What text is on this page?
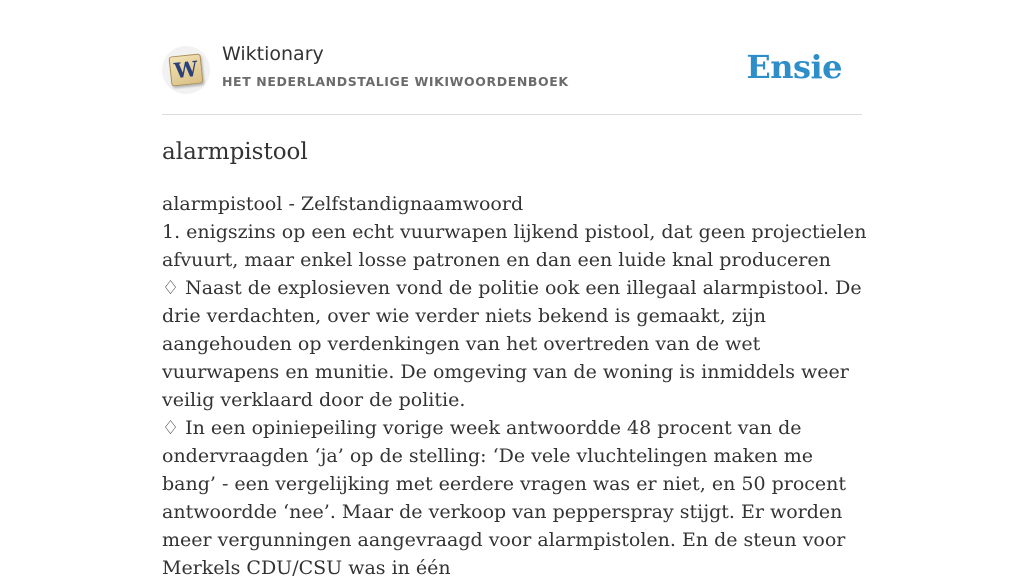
W
Wiktionary
HET NEDERLANDSTALIGE WIKIWOORDENBOEK	Ensie
alarmpistool

alarmpistool - Zelfstandignaamwoord

1. enigszins op een echt vuurwapen lijkend pistool, dat geen projectielen afvuurt, maar enkel losse patronen en dan een luide knal produceren

♢ Naast de explosieven vond de politie ook een illegaal alarmpistool. De drie verdachten, over wie verder niets bekend is gemaakt, zijn aangehouden op verdenkingen van het overtreden van de wet vuurwapens en munitie. De omgeving van de woning is inmiddels weer veilig verklaard door de politie.

♢ In een opiniepeiling vorige week antwoordde 48 procent van de ondervraagden ‘ja’ op de stelling: ‘De vele vluchtelingen maken me bang’ - een vergelijking met eerdere vragen was er niet, en 50 procent antwoordde ‘nee’. Maar de verkoop van pepperspray stijgt. Er worden meer vergunningen aangevraagd voor alarmpistolen. En de steun voor Merkels CDU/CSU was in één
